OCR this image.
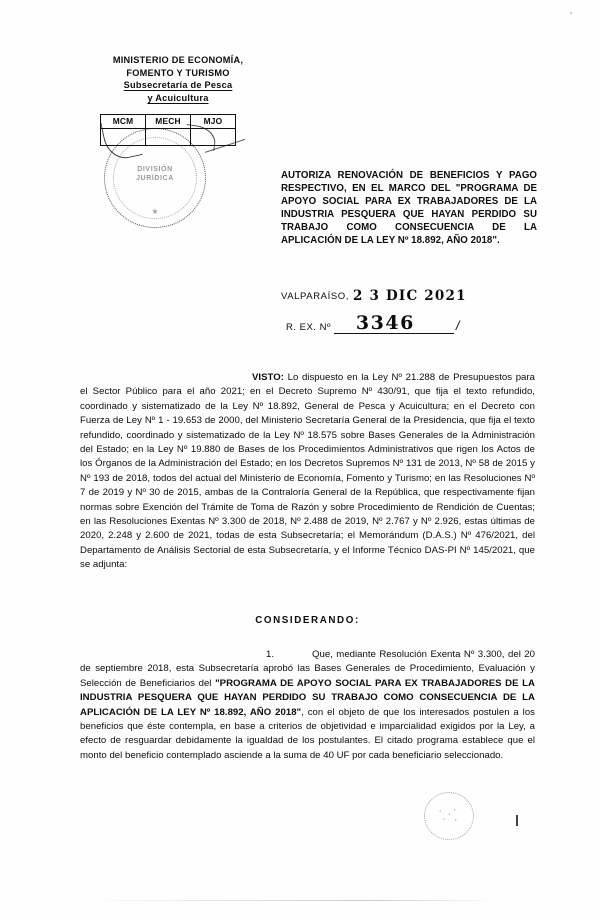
MINISTERIO DE ECONOMÍA,
FOMENTO Y TURISMO
Subsecretaría de Pesca
y Acuicultura
MCM	MECH	MJO
DIVISIÓN
JURÍDICA
★
AUTORIZA RENOVACIÓN DE BENEFICIOS Y PAGO RESPECTIVO, EN EL MARCO DEL "PROGRAMA DE APOYO SOCIAL PARA EX TRABAJADORES DE LA INDUSTRIA PESQUERA QUE HAYAN PERDIDO SU TRABAJO COMO CONSECUENCIA DE LA APLICACIÓN DE LA LEY Nº 18.892, AÑO 2018".
VALPARAÍSO, 2 3 DIC 2021
R. EX. Nº 3346	/
VISTO: Lo dispuesto en la Ley Nº 21.288 de Presupuestos para el Sector Público para el año 2021; en el Decreto Supremo Nº 430/91, que fija el texto refundido, coordinado y sistematizado de la Ley Nº 18.892, General de Pesca y Acuicultura; en el Decreto con Fuerza de Ley Nº 1 - 19.653 de 2000, del Ministerio Secretaría General de la Presidencia, que fija el texto refundido, coordinado y sistematizado de la Ley Nº 18.575 sobre Bases Generales de la Administración del Estado; en la Ley Nº 19.880 de Bases de los Procedimientos Administrativos que rigen los Actos de los Órganos de la Administración del Estado; en los Decretos Supremos Nº 131 de 2013, Nº 58 de 2015 y Nº 193 de 2018, todos del actual del Ministerio de Economía, Fomento y Turismo; en las Resoluciones Nº 7 de 2019 y Nº 30 de 2015, ambas de la Contraloría General de la República, que respectivamente fijan normas sobre Exención del Trámite de Toma de Razón y sobre Procedimiento de Rendición de Cuentas; en las Resoluciones Exentas Nº 3.300 de 2018, Nº 2.488 de 2019, Nº 2.767 y Nº 2.926, estas últimas de 2020, 2.248 y 2.600 de 2021, todas de esta Subsecretaría; el Memorándum (D.A.S.) Nº 476/2021, del Departamento de Análisis Sectorial de esta Subsecretaría, y el Informe Técnico DAS-PI Nº 145/2021, que se adjunta:
CONSIDERANDO:
1.	Que, mediante Resolución Exenta Nº 3.300, del 20 de septiembre 2018, esta Subsecretaría aprobó las Bases Generales de Procedimiento, Evaluación y Selección de Beneficiarios del "PROGRAMA DE APOYO SOCIAL PARA EX TRABAJADORES DE LA INDUSTRIA PESQUERA QUE HAYAN PERDIDO SU TRABAJO COMO CONSECUENCIA DE LA APLICACIÓN DE LA LEY Nº 18.892, AÑO 2018", con el objeto de que los interesados postulen a los beneficios que éste contempla, en base a criterios de objetividad e imparcialidad exigidos por la Ley, a efecto de resguardar debidamente la igualdad de los postulantes. El citado programa establece que el monto del beneficio contemplado asciende a la suma de 40 UF por cada beneficiario seleccionado.
